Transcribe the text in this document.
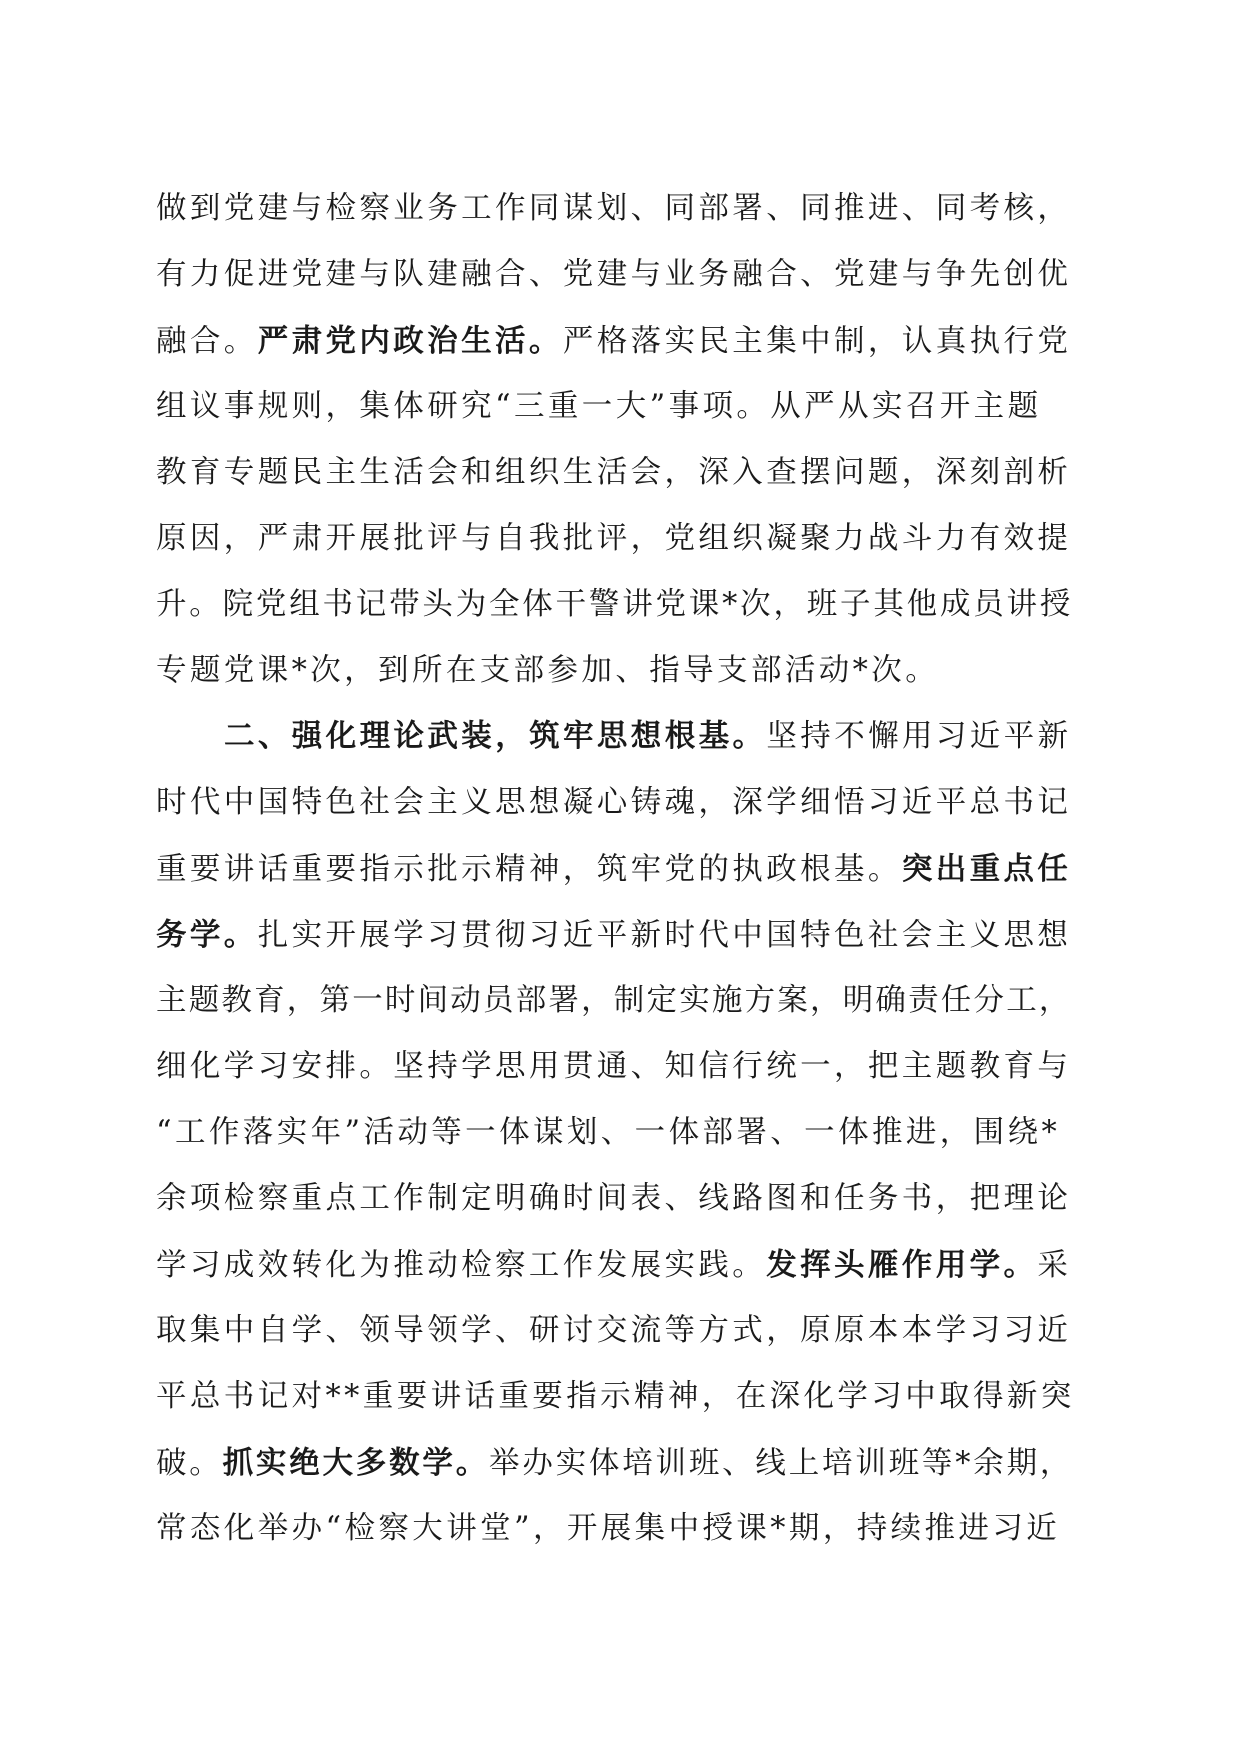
做到党建与检察业务工作同谋划、同部署、同推进、同考核，
有力促进党建与队建融合、党建与业务融合、党建与争先创优
融合。严肃党内政治生活。严格落实民主集中制，认真执行党
组议事规则，集体研究“三重一大”事项。从严从实召开主题
教育专题民主生活会和组织生活会，深入查摆问题，深刻剖析
原因，严肃开展批评与自我批评，党组织凝聚力战斗力有效提
升。院党组书记带头为全体干警讲党课*次，班子其他成员讲授
专题党课*次，到所在支部参加、指导支部活动*次。
二、强化理论武装，筑牢思想根基。坚持不懈用习近平新
时代中国特色社会主义思想凝心铸魂，深学细悟习近平总书记
重要讲话重要指示批示精神，筑牢党的执政根基。突出重点任
务学。扎实开展学习贯彻习近平新时代中国特色社会主义思想
主题教育，第一时间动员部署，制定实施方案，明确责任分工，
细化学习安排。坚持学思用贯通、知信行统一，把主题教育与
“工作落实年”活动等一体谋划、一体部署、一体推进，围绕*
余项检察重点工作制定明确时间表、线路图和任务书，把理论
学习成效转化为推动检察工作发展实践。发挥头雁作用学。采
取集中自学、领导领学、研讨交流等方式，原原本本学习习近
平总书记对**重要讲话重要指示精神，在深化学习中取得新突
破。抓实绝大多数学。举办实体培训班、线上培训班等*余期，
常态化举办“检察大讲堂”，开展集中授课*期，持续推进习近
